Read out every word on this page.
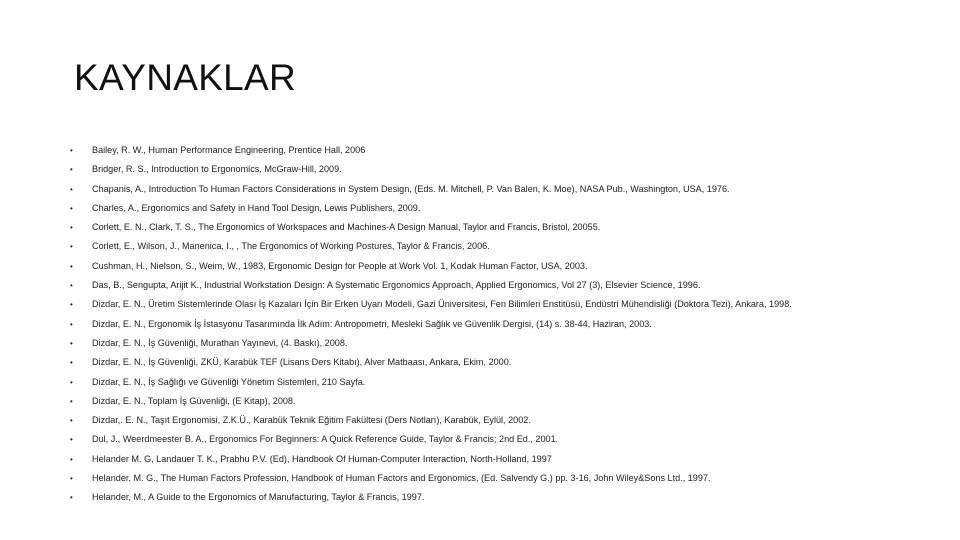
KAYNAKLAR
• Bailey, R. W., Human Performance Engineering, Prentice Hall, 2006
• Bridger, R. S., Introduction to Ergonomics, McGraw-Hill, 2009.
• Chapanis, A., Introduction To Human Factors Considerations in System Design, (Eds. M. Mitchell, P. Van Balen, K. Moe), NASA Pub., Washington, USA, 1976.
• Charles, A., Ergonomics and Safety in Hand Tool Design, Lewis Publishers, 2009.
• Corlett, E. N., Clark, T. S., The Ergonomics of Workspaces and Machines-A Design Manual, Taylor and Francis, Bristol, 20055.
• Corlett, E., Wilson, J., Manenica, I., , The Ergonomics of Working Postures, Taylor & Francis, 2006.
• Cushman, H., Nielson, S., Weim, W., 1983, Ergonomic Design for People at Work Vol. 1, Kodak Human Factor, USA, 2003.
• Das, B., Sengupta, Arijit K., Industrial Workstation Design: A Systematic Ergonomics Approach, Applied Ergonomics, Vol 27 (3), Elsevier Science, 1996.
• Dizdar, E. N., Üretim Sistemlerinde Olası İş Kazaları İçin Bir Erken Uyarı Modeli, Gazi Üniversitesi, Fen Bilimleri Enstitüsü, Endüstri Mühendisliği (Doktora Tezi), Ankara, 1998.
• Dizdar, E. N., Ergonomik İş İstasyonu Tasarımında İlk Adım: Antropometri, Mesleki Sağlık ve Güvenlik Dergisi, (14) s. 38-44, Haziran, 2003.
• Dizdar, E. N., İş Güvenliği, Murathan Yayınevi, (4. Baskı), 2008.
• Dizdar, E. N., İş Güvenliği, ZKÜ, Karabük TEF (Lisans Ders Kitabı), Alver Matbaası, Ankara, Ekim, 2000.
• Dizdar, E. N., İş Sağlığı ve Güvenliği Yönetim Sistemleri, 210 Sayfa.
• Dizdar, E. N., Toplam İş Güvenliği, (E Kitap), 2008.
• Dizdar,. E. N., Taşıt Ergonomisi, Z.K.Ü., Karabük Teknik Eğitim Fakültesi (Ders Notları), Karabük, Eylül, 2002.
• Dul, J., Weerdmeester B. A., Ergonomics For Beginners: A Quick Reference Guide, Taylor & Francis; 2nd Ed., 2001.
• Helander M. G, Landauer T. K., Prabhu P.V. (Ed), Handbook Of Human-Computer Interaction, North-Holland, 1997
• Helander, M. G., The Human Factors Profession, Handbook of Human Factors and Ergonomics, (Ed. Salvendy G.) pp. 3-16, John Wiley&Sons Ltd., 1997.
• Helander, M., A Guide to the Ergonomics of Manufacturing, Taylor & Francis, 1997.
